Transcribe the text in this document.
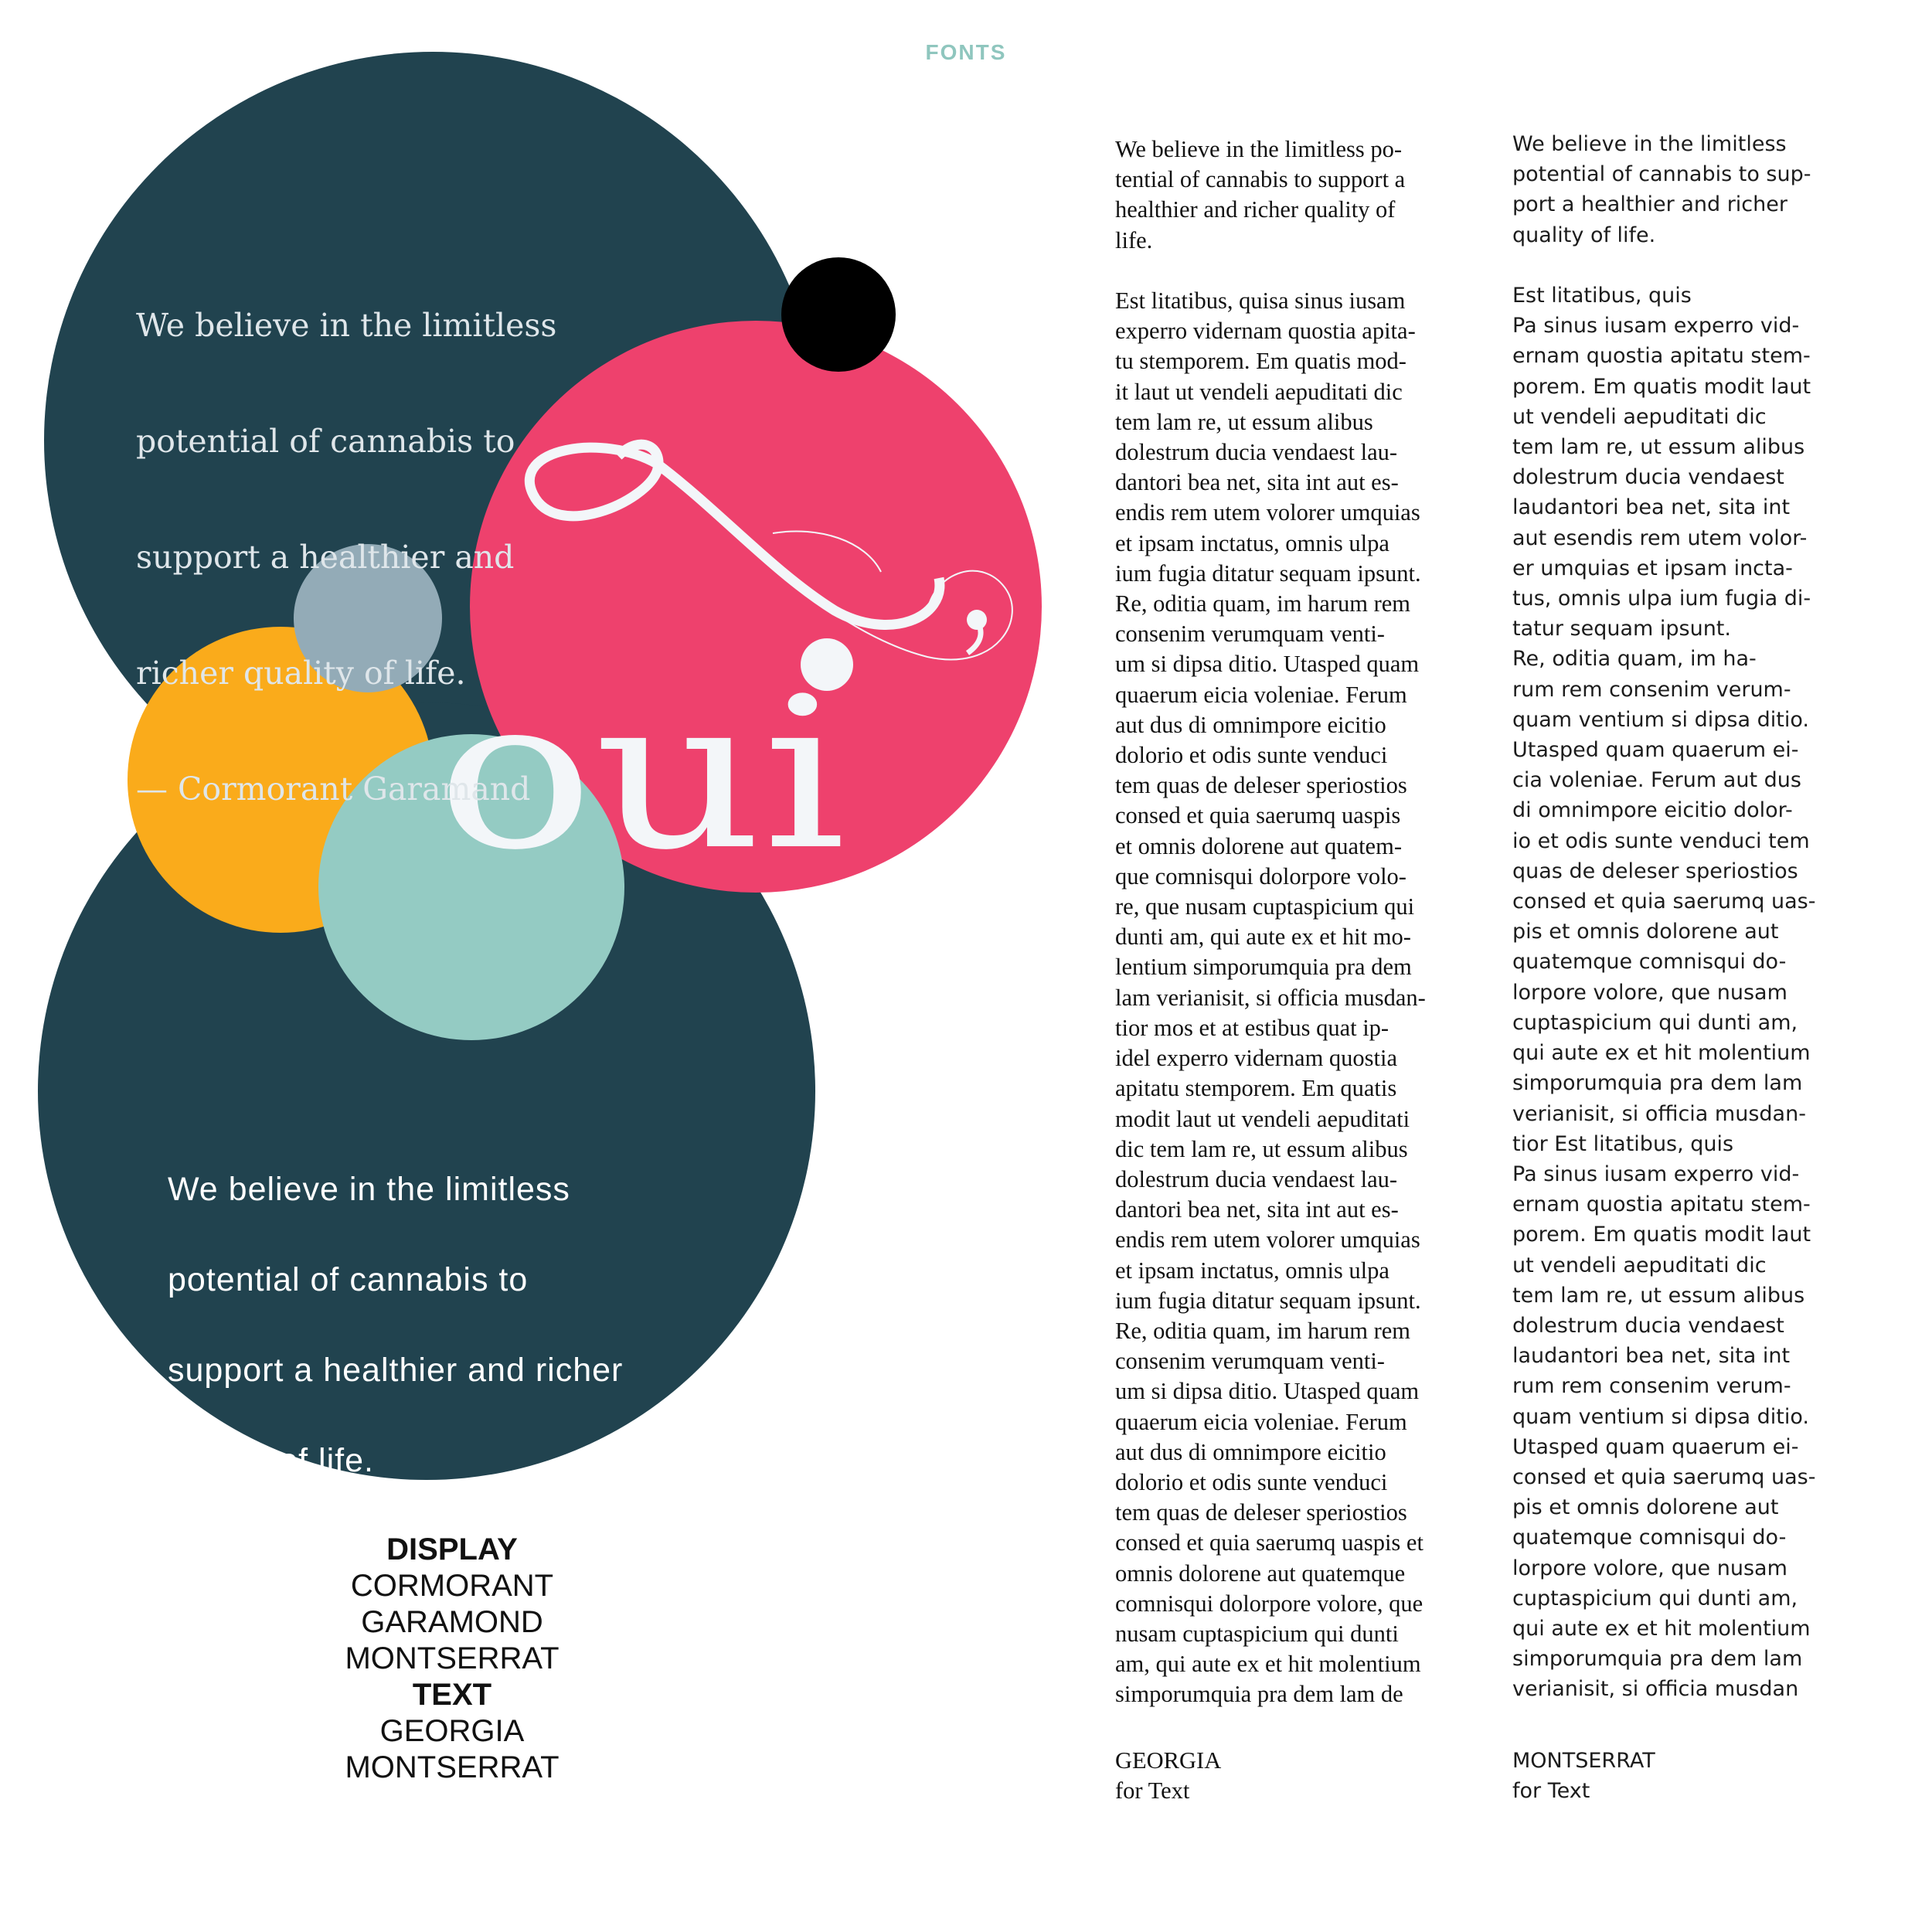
FONTS
oui

We believe in the limitless

potential of cannabis to

support a healthier and

richer quality of life.

— Cormorant Garamand

We believe in the limitless

potential of cannabis to

support a healthier and richer

quality of life.

— Montserrat DISPLAY
CORMORANT
GARAMOND
MONTSERRAT
TEXT
GEORGIA
MONTSERRAT
We believe in the limitless po-
tential of cannabis to support a
healthier and richer quality of
life.

Est litatibus, quisa sinus iusam
experro vidernam quostia apita-
tu stemporem. Em quatis mod-
it laut ut vendeli aepuditati dic
tem lam re, ut essum alibus
dolestrum ducia vendaest lau-
dantori bea net, sita int aut es-
endis rem utem volorer umquias
et ipsam inctatus, omnis ulpa
ium fugia ditatur sequam ipsunt.
Re, oditia quam, im harum rem
consenim verumquam venti-
um si dipsa ditio. Utasped quam
quaerum eicia voleniae. Ferum
aut dus di omnimpore eicitio
dolorio et odis sunte venduci
tem quas de deleser speriostios
consed et quia saerumq uaspis
et omnis dolorene aut quatem-
que comnisqui dolorpore volo-
re, que nusam cuptaspicium qui
dunti am, qui aute ex et hit mo-
lentium simporumquia pra dem
lam verianisit, si officia musdan-
tior mos et at estibus quat ip-
idel experro vidernam quostia
apitatu stemporem. Em quatis
modit laut ut vendeli aepuditati
dic tem lam re, ut essum alibus
dolestrum ducia vendaest lau-
dantori bea net, sita int aut es-
endis rem utem volorer umquias
et ipsam inctatus, omnis ulpa
ium fugia ditatur sequam ipsunt.
Re, oditia quam, im harum rem
consenim verumquam venti-
um si dipsa ditio. Utasped quam
quaerum eicia voleniae. Ferum
aut dus di omnimpore eicitio
dolorio et odis sunte venduci
tem quas de deleser speriostios
consed et quia saerumq uaspis et
omnis dolorene aut quatemque
comnisqui dolorpore volore, que
nusam cuptaspicium qui dunti
am, qui aute ex et hit molentium
simporumquia pra dem lam de
GEORGIA
for Text
We believe in the limitless
potential of cannabis to sup-
port a healthier and richer
quality of life.

Est litatibus, quis
Pa sinus iusam experro vid-
ernam quostia apitatu stem-
porem. Em quatis modit laut
ut vendeli aepuditati dic
tem lam re, ut essum alibus
dolestrum ducia vendaest
laudantori bea net, sita int
aut esendis rem utem volor-
er umquias et ipsam incta-
tus, omnis ulpa ium fugia di-
tatur sequam ipsunt.
Re, oditia quam, im ha-
rum rem consenim verum-
quam ventium si dipsa ditio.
Utasped quam quaerum ei-
cia voleniae. Ferum aut dus
di omnimpore eicitio dolor-
io et odis sunte venduci tem
quas de deleser speriostios
consed et quia saerumq uas-
pis et omnis dolorene aut
quatemque comnisqui do-
lorpore volore, que nusam
cuptaspicium qui dunti am,
qui aute ex et hit molentium
simporumquia pra dem lam
verianisit, si officia musdan-
tior Est litatibus, quis
Pa sinus iusam experro vid-
ernam quostia apitatu stem-
porem. Em quatis modit laut
ut vendeli aepuditati dic
tem lam re, ut essum alibus
dolestrum ducia vendaest
laudantori bea net, sita int
rum rem consenim verum-
quam ventium si dipsa ditio.
Utasped quam quaerum ei-
consed et quia saerumq uas-
pis et omnis dolorene aut
quatemque comnisqui do-
lorpore volore, que nusam
cuptaspicium qui dunti am,
qui aute ex et hit molentium
simporumquia pra dem lam
verianisit, si officia musdan
MONTSERRAT
for Text
